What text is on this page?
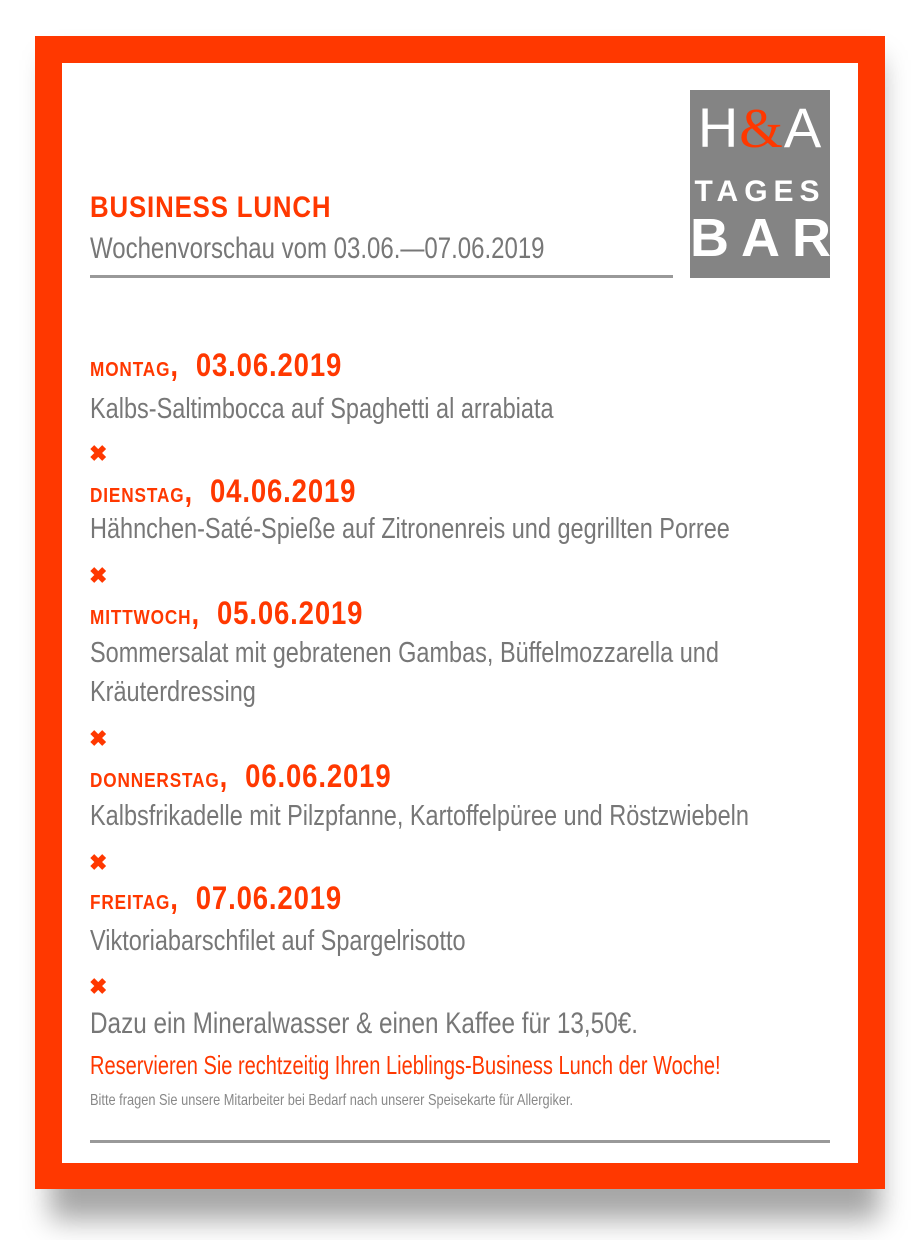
H&A
TAGES
BAR
BUSINESS LUNCH
Wochenvorschau vom 03.06.—07.06.2019
MONTAG,  03.06.2019
Kalbs-Saltimbocca auf Spaghetti al arrabiata
✖
DIENSTAG,  04.06.2019
Hähnchen-Saté-Spieße auf Zitronenreis und gegrillten Porree
✖
MITTWOCH,  05.06.2019
Sommersalat mit gebratenen Gambas, Büffelmozzarella und
Kräuterdressing
✖
DONNERSTAG,  06.06.2019
Kalbsfrikadelle mit Pilzpfanne, Kartoffelpüree und Röstzwiebeln
✖
FREITAG,  07.06.2019
Viktoriabarschfilet auf Spargelrisotto
✖
Dazu ein Mineralwasser & einen Kaffee für 13,50€.
Reservieren Sie rechtzeitig Ihren Lieblings-Business Lunch der Woche!
Bitte fragen Sie unsere Mitarbeiter bei Bedarf nach unserer Speisekarte für Allergiker.
